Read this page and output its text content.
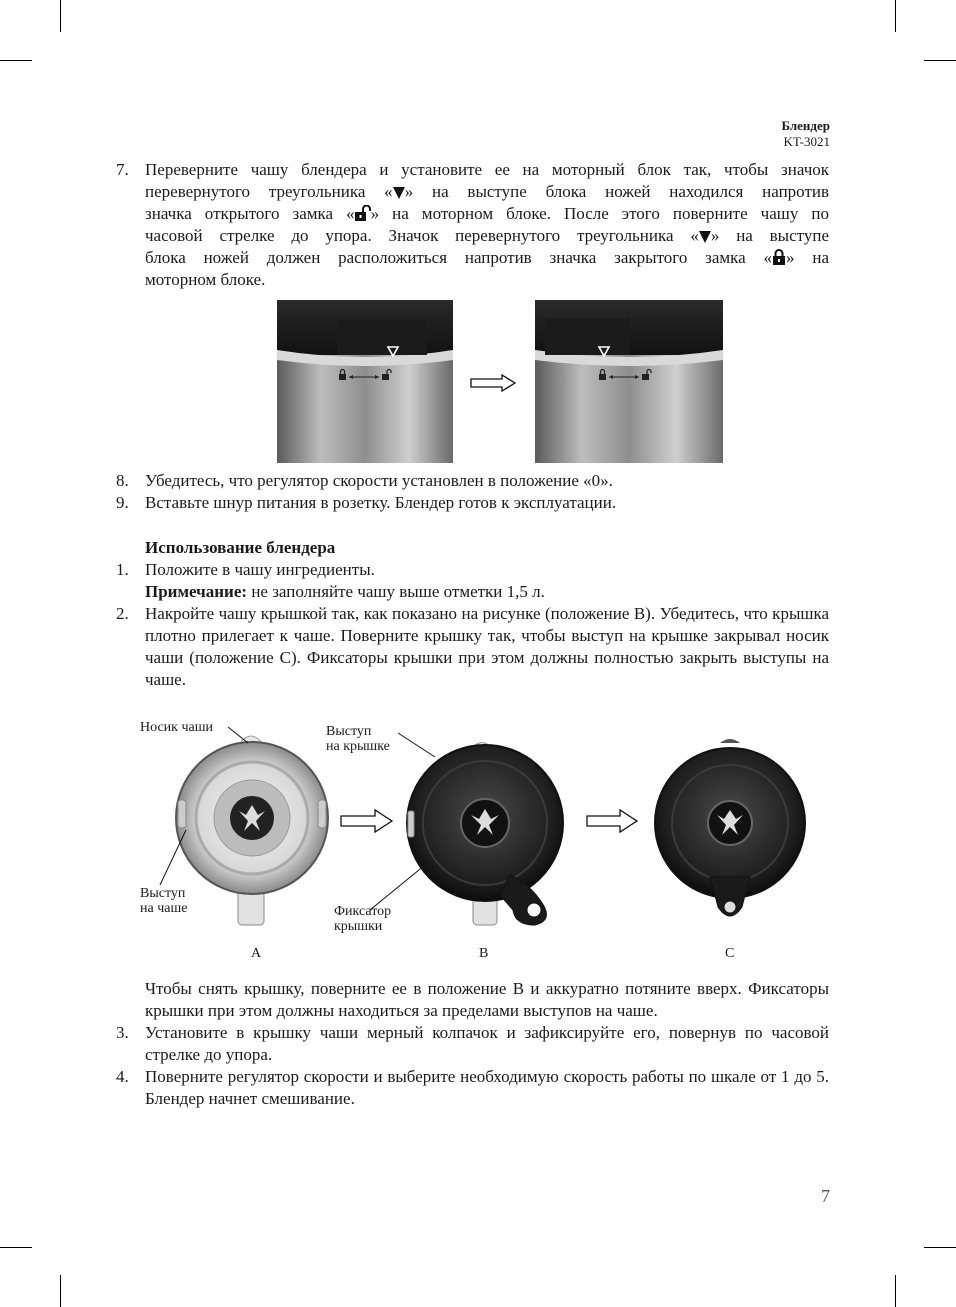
Блендер
KT-3021
7. Переверните чашу блендера и установите ее на моторный блок так, чтобы значок
перевернутого треугольника « » на выступе блока ножей находился напротив
значка открытого замка « » на моторном блоке. После этого поверните чашу по
часовой стрелке до упора. Значок перевернутого треугольника « » на выступе
блока ножей должен расположиться напротив значка закрытого замка « » на
моторном блоке.
8. Убедитесь, что регулятор скорости установлен в положение «0».
9. Вставьте шнур питания в розетку. Блендер готов к эксплуатации.
Использование блендера
1. Положите в чашу ингредиенты.
Примечание: не заполняйте чашу выше отметки 1,5 л.
2. Накройте чашу крышкой так, как показано на рисунке (положение В). Убедитесь, что крышка плотно прилегает к чаше. Поверните крышку так, чтобы выступ на крышке закрывал носик чаши (положение С). Фиксаторы крышки при этом должны полностью закрыть выступы на чаше.
Носик чаши	Выступ
на крышке
Выступ
на чаше	Фиксатор
крышки
А	В	С
Чтобы снять крышку, поверните ее в положение В и аккуратно потяните вверх. Фиксаторы крышки при этом должны находиться за пределами выступов на чаше.
3. Установите в крышку чаши мерный колпачок и зафиксируйте его, повернув по часовой стрелке до упора.
4. Поверните регулятор скорости и выберите необходимую скорость работы по шкале от 1 до 5. Блендер начнет смешивание.
7
